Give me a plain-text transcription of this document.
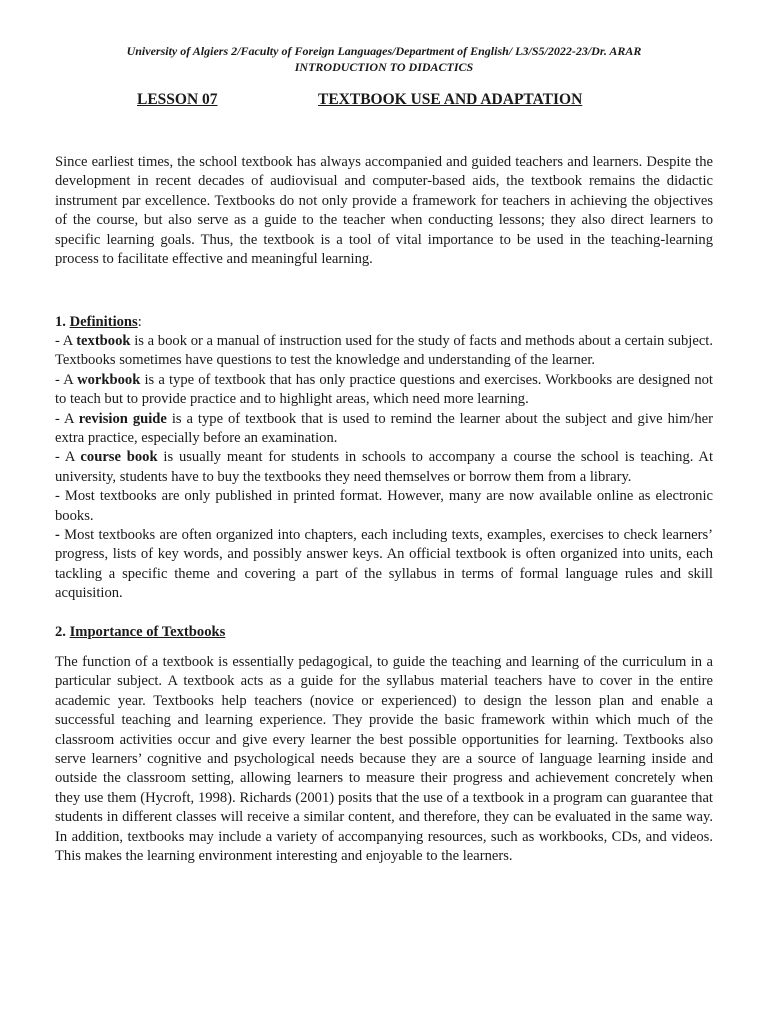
University of Algiers 2/Faculty of Foreign Languages/Department of English/ L3/S5/2022-23/Dr. ARAR
INTRODUCTION TO DIDACTICS
LESSON 07	TEXTBOOK USE AND ADAPTATION

Since earliest times, the school textbook has always accompanied and guided teachers and learners. Despite the development in recent decades of audiovisual and computer-based aids, the textbook remains the didactic instrument par excellence. Textbooks do not only provide a framework for teachers in achieving the objectives of the course, but also serve as a guide to the teacher when conducting lessons; they also direct learners to specific learning goals. Thus, the textbook is a tool of vital importance to be used in the teaching-learning process to facilitate effective and meaningful learning.

1. Definitions:

- A textbook is a book or a manual of instruction used for the study of facts and methods about a certain subject. Textbooks sometimes have questions to test the knowledge and understanding of the learner.

- A workbook is a type of textbook that has only practice questions and exercises. Workbooks are designed not to teach but to provide practice and to highlight areas, which need more learning.

- A revision guide is a type of textbook that is used to remind the learner about the subject and give him/her extra practice, especially before an examination.

- A course book is usually meant for students in schools to accompany a course the school is teaching. At university, students have to buy the textbooks they need themselves or borrow them from a library.

- Most textbooks are only published in printed format. However, many are now available online as electronic books.

- Most textbooks are often organized into chapters, each including texts, examples, exercises to check learners’ progress, lists of key words, and possibly answer keys. An official textbook is often organized into units, each tackling a specific theme and covering a part of the syllabus in terms of formal language rules and skill acquisition.

2. Importance of Textbooks

The function of a textbook is essentially pedagogical, to guide the teaching and learning of the curriculum in a particular subject. A textbook acts as a guide for the syllabus material teachers have to cover in the entire academic year. Textbooks help teachers (novice or experienced) to design the lesson plan and enable a successful teaching and learning experience. They provide the basic framework within which much of the classroom activities occur and give every learner the best possible opportunities for learning. Textbooks also serve learners’ cognitive and psychological needs because they are a source of language learning inside and outside the classroom setting, allowing learners to measure their progress and achievement concretely when they use them (Hycroft, 1998). Richards (2001) posits that the use of a textbook in a program can guarantee that students in different classes will receive a similar content, and therefore, they can be evaluated in the same way. In addition, textbooks may include a variety of accompanying resources, such as workbooks, CDs, and videos. This makes the learning environment interesting and enjoyable to the learners.
